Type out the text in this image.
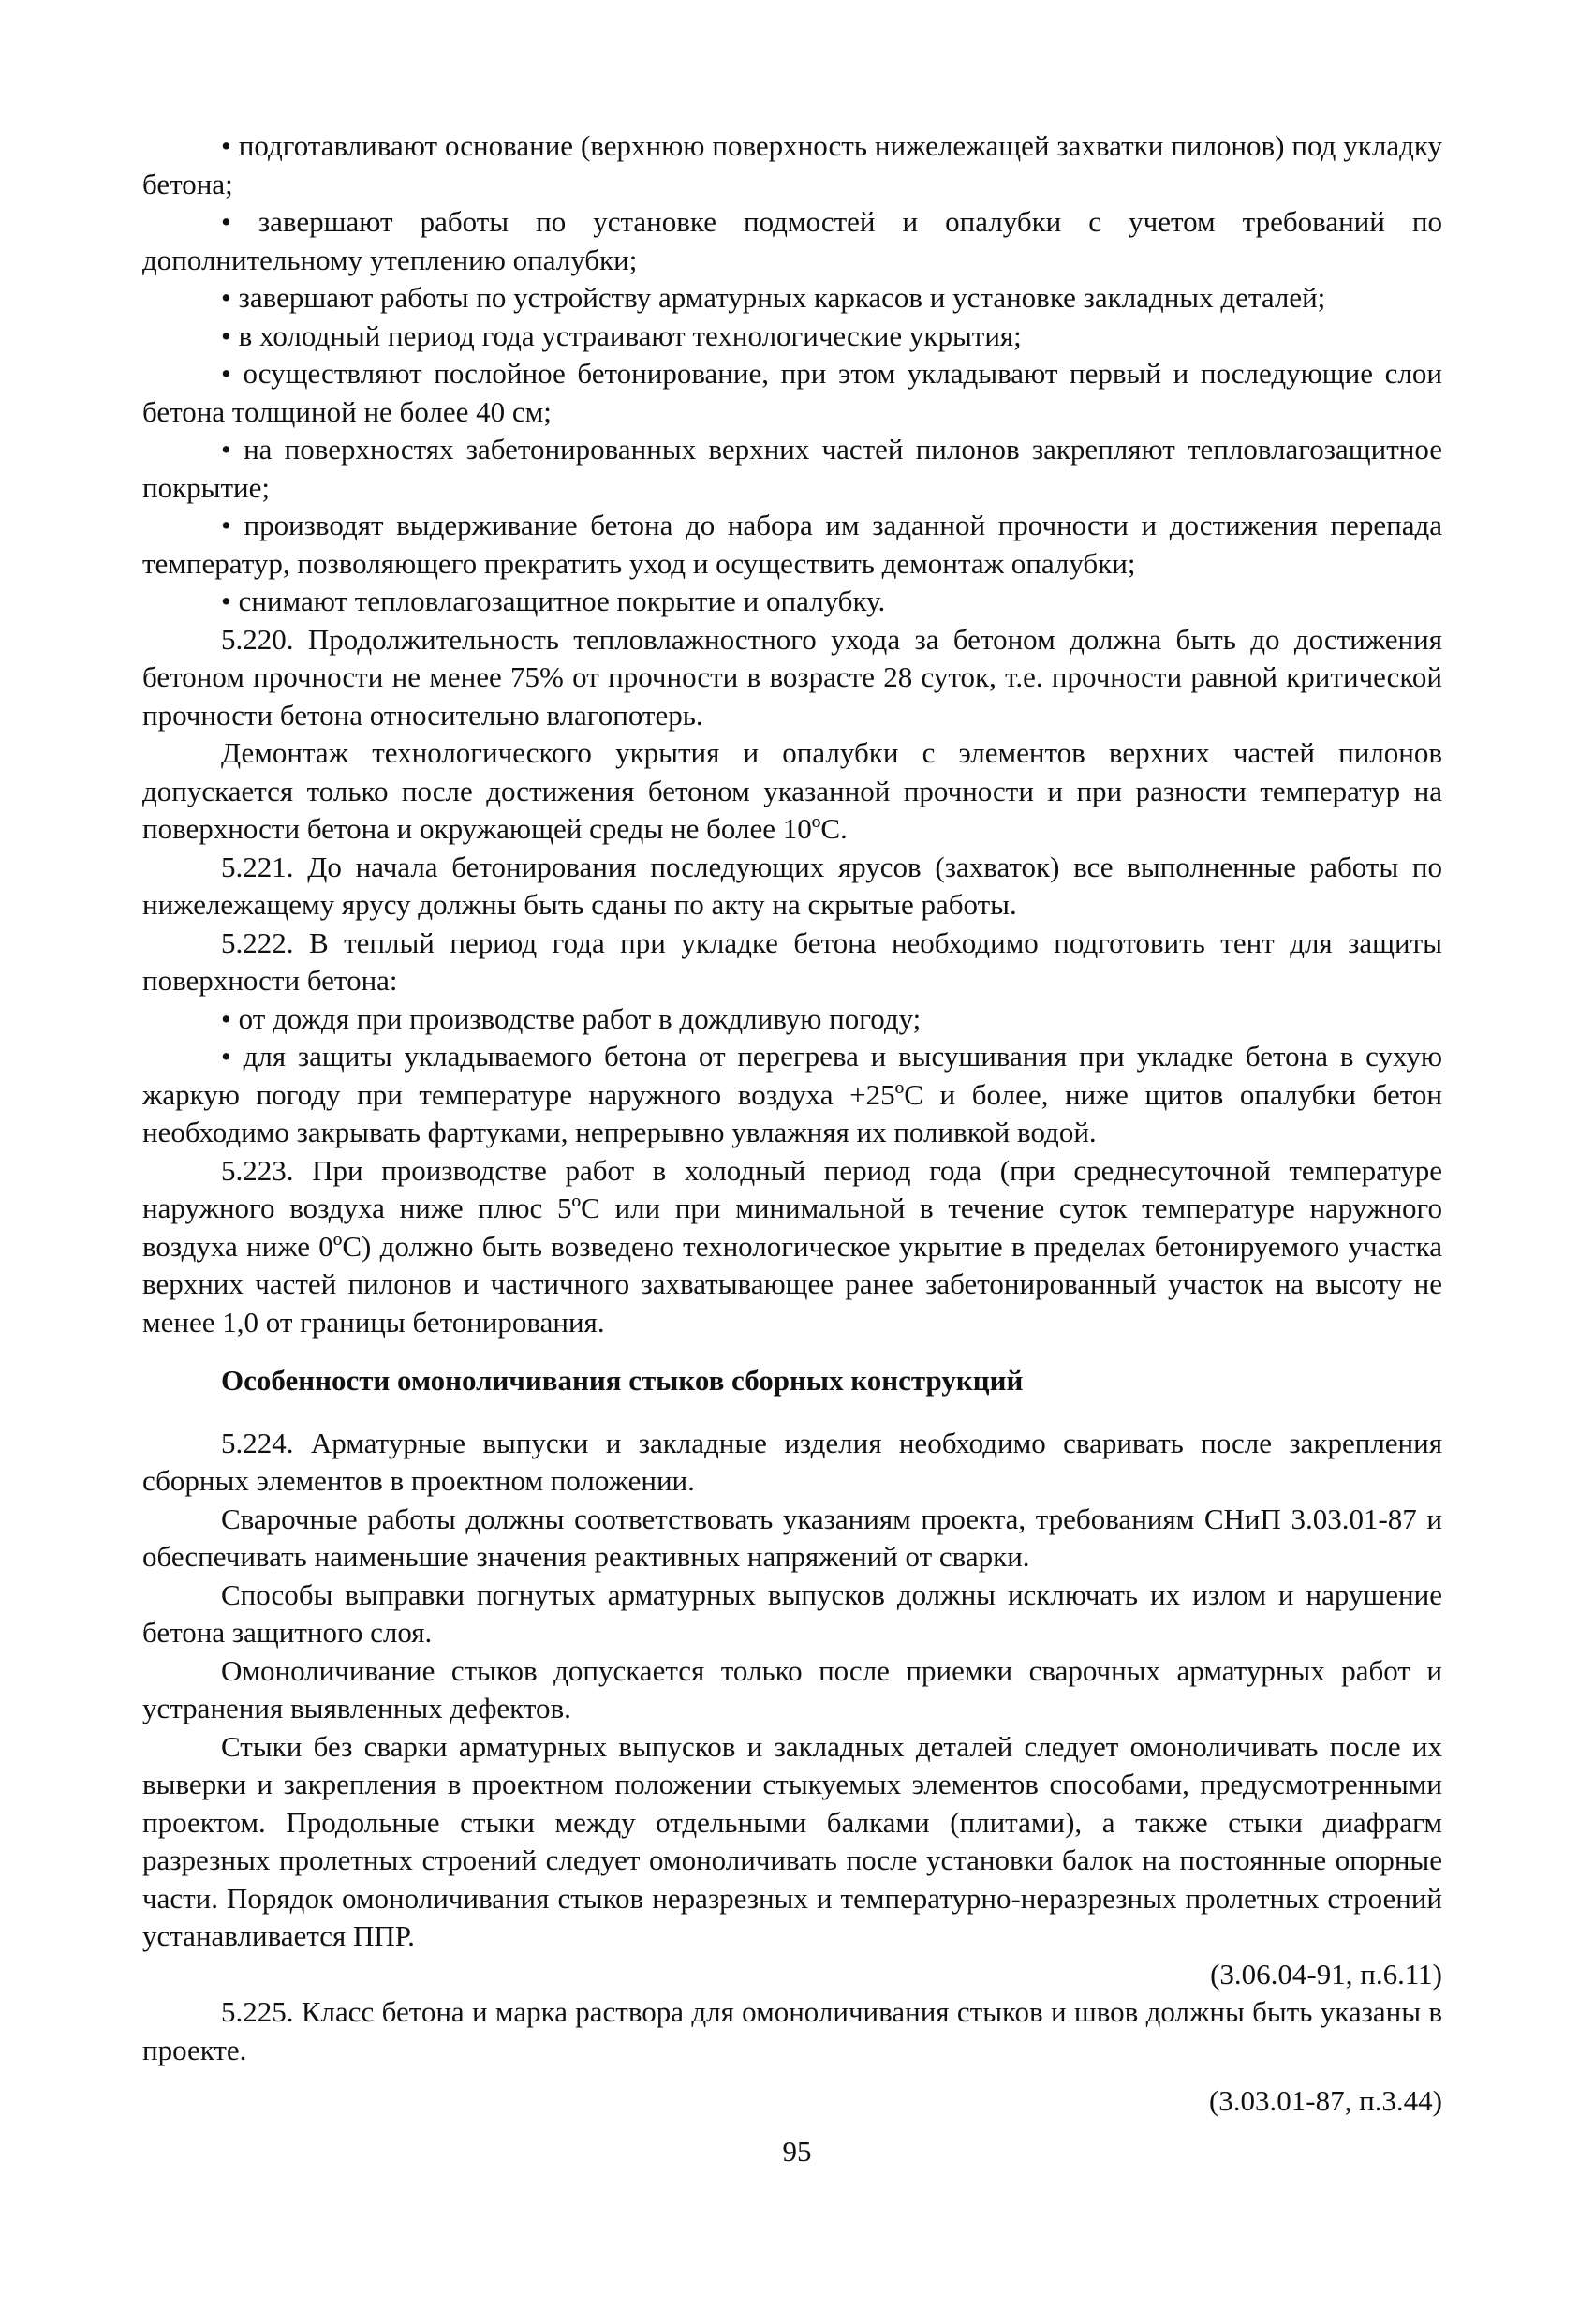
• подготавливают основание (верхнюю поверхность нижележащей захватки пилонов) под укладку бетона;
• завершают работы по установке подмостей и опалубки с учетом требований по дополнительному утеплению опалубки;
• завершают работы по устройству арматурных каркасов и установке закладных деталей;
• в холодный период года устраивают технологические укрытия;
• осуществляют послойное бетонирование, при этом укладывают первый и последующие слои бетона толщиной не более 40 см;
• на поверхностях забетонированных верхних частей пилонов закрепляют тепловлагозащитное покрытие;
• производят выдерживание бетона до набора им заданной прочности и достижения перепада температур, позволяющего прекратить уход и осуществить демонтаж опалубки;
• снимают тепловлагозащитное покрытие и опалубку.

5.220. Продолжительность тепловлажностного ухода за бетоном должна быть до достижения бетоном прочности не менее 75% от прочности в возрасте 28 суток, т.е. прочности равной критической прочности бетона относительно влагопотерь.

Демонтаж технологического укрытия и опалубки с элементов верхних частей пилонов допускается только после достижения бетоном указанной прочности и при разности температур на поверхности бетона и окружающей среды не более 10ºС.

5.221. До начала бетонирования последующих ярусов (захваток) все выполненные работы по нижележащему ярусу должны быть сданы по акту на скрытые работы.

5.222. В теплый период года при укладке бетона необходимо подготовить тент для защиты поверхности бетона:

• от дождя при производстве работ в дождливую погоду;
• для защиты укладываемого бетона от перегрева и высушивания при укладке бетона в сухую жаркую погоду при температуре наружного воздуха +25ºС и более, ниже щитов опалубки бетон необходимо закрывать фартуками, непрерывно увлажняя их поливкой водой.

5.223. При производстве работ в холодный период года (при среднесуточной температуре наружного воздуха ниже плюс 5ºС или при минимальной в течение суток температуре наружного воздуха ниже 0ºС) должно быть возведено технологическое укрытие в пределах бетонируемого участка верхних частей пилонов и частичного захватывающее ранее забетонированный участок на высоту не менее 1,0 от границы бетонирования.

Особенности омоноличивания стыков сборных конструкций

5.224. Арматурные выпуски и закладные изделия необходимо сваривать после закрепления сборных элементов в проектном положении.

Сварочные работы должны соответствовать указаниям проекта, требованиям СНиП 3.03.01-87 и обеспечивать наименьшие значения реактивных напряжений от сварки.

Способы выправки погнутых арматурных выпусков должны исключать их излом и нарушение бетона защитного слоя.

Омоноличивание стыков допускается только после приемки сварочных арматурных работ и устранения выявленных дефектов.

Стыки без сварки арматурных выпусков и закладных деталей следует омоноличивать после их выверки и закрепления в проектном положении стыкуемых элементов способами, предусмотренными проектом. Продольные стыки между отдельными балками (плитами), а также стыки диафрагм разрезных пролетных строений следует омоноличивать после установки балок на постоянные опорные части. Порядок омоноличивания стыков неразрезных и температурно-неразрезных пролетных строений устанавливается ППР.

(3.06.04-91, п.6.11)

5.225. Класс бетона и марка раствора для омоноличивания стыков и швов должны быть указаны в проекте.

(3.03.01-87, п.3.44)

95
